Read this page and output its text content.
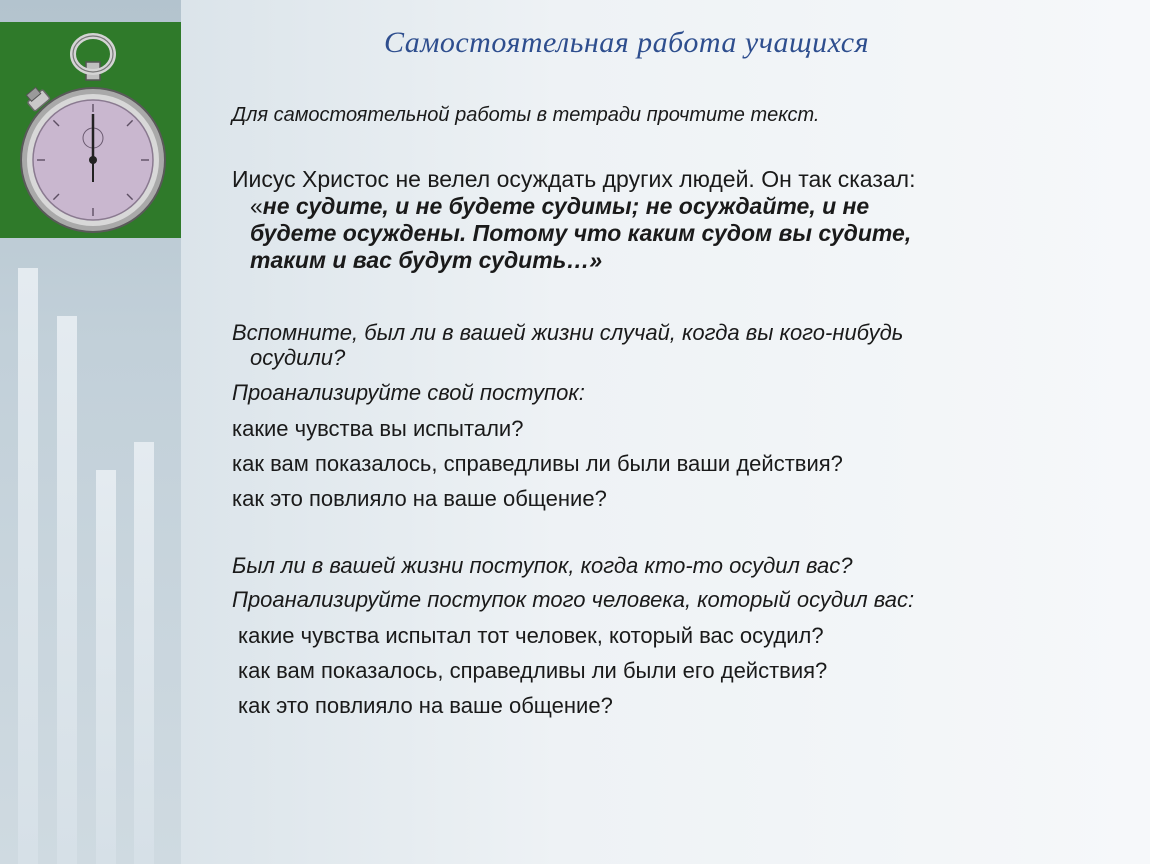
Самостоятельная работа учащихся
Для самостоятельной работы в тетради прочтите текст.
Иисус Христос не велел осуждать других людей. Он так сказал:
«не судите, и не будете судимы; не осуждайте, и не
будете осуждены. Потому что каким судом вы судите,
таким и вас будут судить…»
Вспомните, был ли в вашей жизни случай, когда вы кого-нибудь
осудили?
Проанализируйте свой поступок:
какие чувства вы испытали?
как вам показалось, справедливы ли были ваши действия?
как это повлияло на ваше общение?
Был ли в вашей жизни поступок, когда кто-то осудил вас?
Проанализируйте поступок того человека, который осудил вас:
какие чувства испытал тот человек, который вас осудил?
как вам показалось, справедливы ли были его действия?
как это повлияло на ваше общение?
